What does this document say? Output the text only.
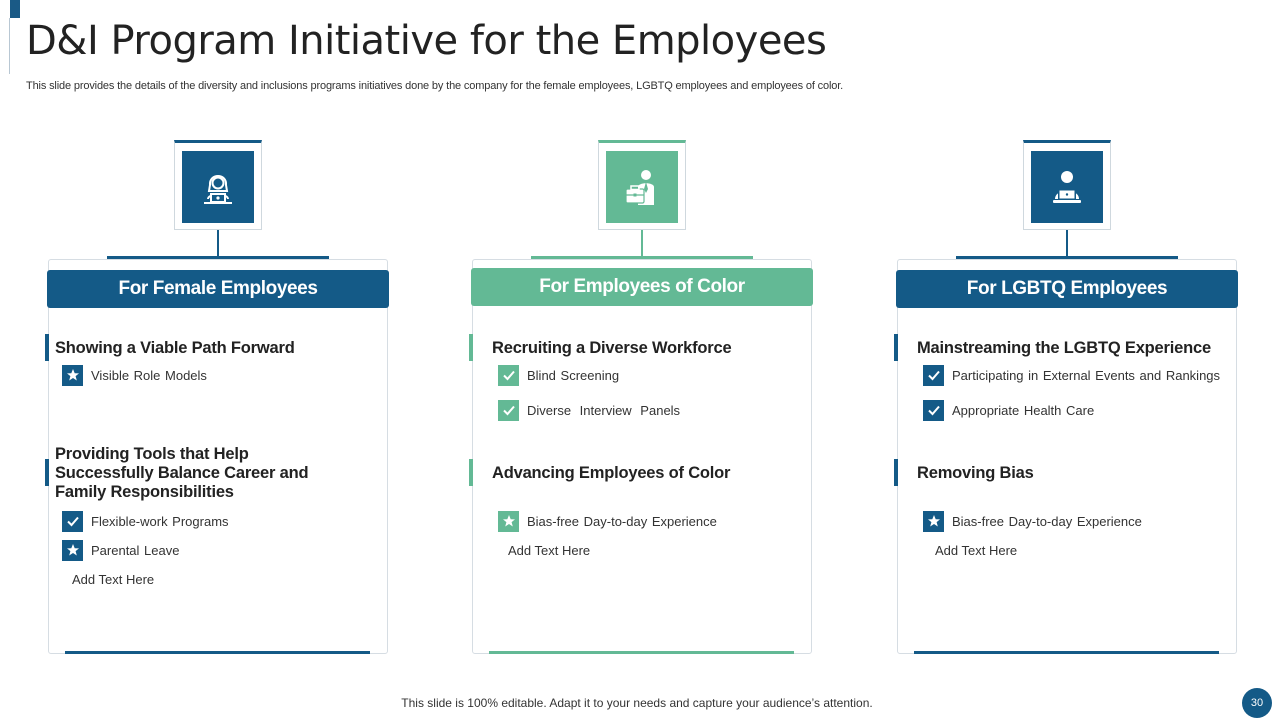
D&I Program Initiative for the Employees
This slide provides the details of the diversity and inclusions programs initiatives done by the company for the female employees, LGBTQ employees and employees of color.
For Female Employees
Showing a Viable Path Forward
Visible Role Models
Providing Tools that Help Successfully Balance Career and Family Responsibilities
Flexible-work Programs
Parental Leave
Add Text Here
For Employees of Color
Recruiting a Diverse Workforce
Blind Screening
Diverse Interview Panels
Advancing Employees of Color
Bias-free Day-to-day Experience
Add Text Here
For LGBTQ Employees
Mainstreaming the LGBTQ Experience
Participating in External Events and Rankings
Appropriate Health Care
Removing Bias
Bias-free Day-to-day Experience
Add Text Here
This slide is 100% editable. Adapt it to your needs and capture your audience’s attention.	30
